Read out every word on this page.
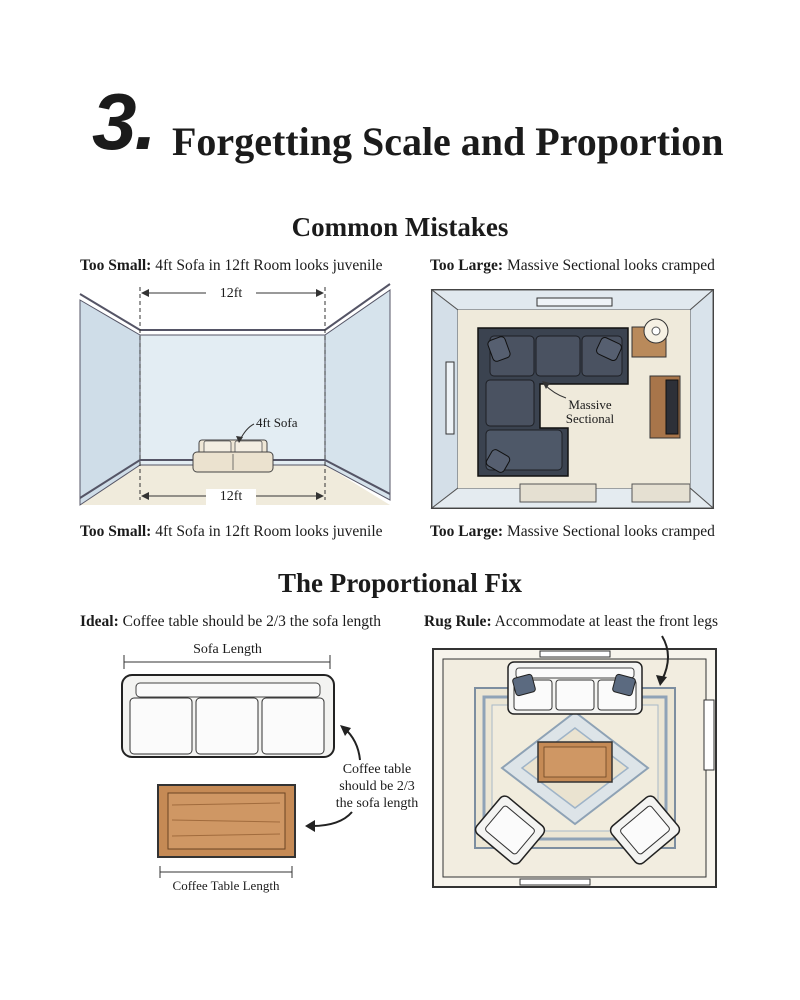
3. Forgetting Scale and Proportion
Common Mistakes
Too Small: 4ft Sofa in 12ft Room looks juvenile	Too Large: Massive Sectional looks cramped
12ft
12ft
4ft Sofa
Massive
Sectional
Too Small: 4ft Sofa in 12ft Room looks juvenile	Too Large: Massive Sectional looks cramped
The Proportional Fix
Ideal: Coffee table should be 2/3 the sofa length	Rug Rule: Accommodate at least the front legs
Sofa Length
Coffee Table Length
Coffee table
should be 2/3
the sofa length
